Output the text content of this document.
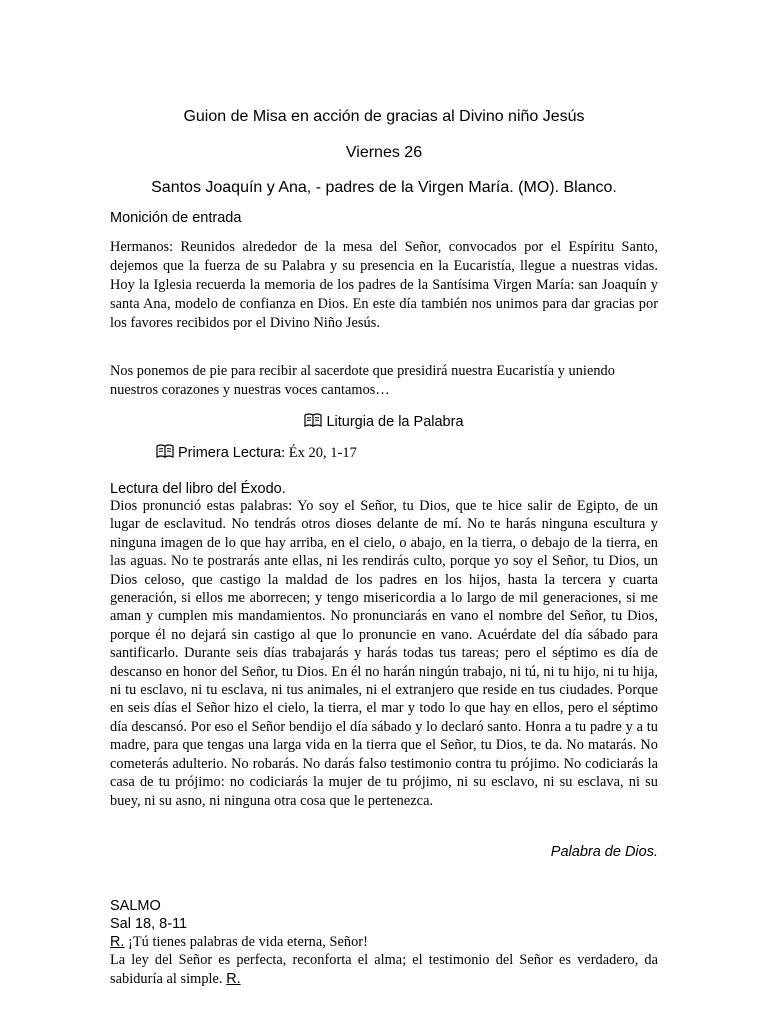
Guion de Misa en acción de gracias al Divino niño Jesús
Viernes 26
Santos Joaquín y Ana, - padres de la Virgen María. (MO). Blanco.
Monición de entrada
Hermanos: Reunidos alrededor de la mesa del Señor, convocados por el Espíritu Santo, dejemos que la fuerza de su Palabra y su presencia en la Eucaristía, llegue a nuestras vidas. Hoy la Iglesia recuerda la memoria de los padres de la Santísima Virgen María: san Joaquín y santa Ana, modelo de confianza en Dios. En este día también nos unimos para dar gracias por los favores recibidos por el Divino Niño Jesús.
Nos ponemos de pie para recibir al sacerdote que presidirá nuestra Eucaristía y uniendo nuestros corazones y nuestras voces cantamos…
Liturgia de la Palabra
Primera Lectura: Éx 20, 1-17
Lectura del libro del Éxodo.
Dios pronunció estas palabras: Yo soy el Señor, tu Dios, que te hice salir de Egipto, de un lugar de esclavitud. No tendrás otros dioses delante de mí. No te harás ninguna escultura y ninguna imagen de lo que hay arriba, en el cielo, o abajo, en la tierra, o debajo de la tierra, en las aguas. No te postrarás ante ellas, ni les rendirás culto, porque yo soy el Señor, tu Dios, un Dios celoso, que castigo la maldad de los padres en los hijos, hasta la tercera y cuarta generación, si ellos me aborrecen; y tengo misericordia a lo largo de mil generaciones, si me aman y cumplen mis mandamientos. No pronunciarás en vano el nombre del Señor, tu Dios, porque él no dejará sin castigo al que lo pronuncie en vano. Acuérdate del día sábado para santificarlo. Durante seis días trabajarás y harás todas tus tareas; pero el séptimo es día de descanso en honor del Señor, tu Dios. En él no harán ningún trabajo, ni tú, ni tu hijo, ni tu hija, ni tu esclavo, ni tu esclava, ni tus animales, ni el extranjero que reside en tus ciudades. Porque en seis días el Señor hizo el cielo, la tierra, el mar y todo lo que hay en ellos, pero el séptimo día descansó. Por eso el Señor bendijo el día sábado y lo declaró santo. Honra a tu padre y a tu madre, para que tengas una larga vida en la tierra que el Señor, tu Dios, te da. No matarás. No cometerás adulterio. No robarás. No darás falso testimonio contra tu prójimo. No codiciarás la casa de tu prójimo: no codiciarás la mujer de tu prójimo, ni su esclavo, ni su esclava, ni su buey, ni su asno, ni ninguna otra cosa que le pertenezca.
Palabra de Dios.
SALMO
Sal 18, 8-11
R. ¡Tú tienes palabras de vida eterna, Señor!
La ley del Señor es perfecta, reconforta el alma; el testimonio del Señor es verdadero, da sabiduría al simple. R.
